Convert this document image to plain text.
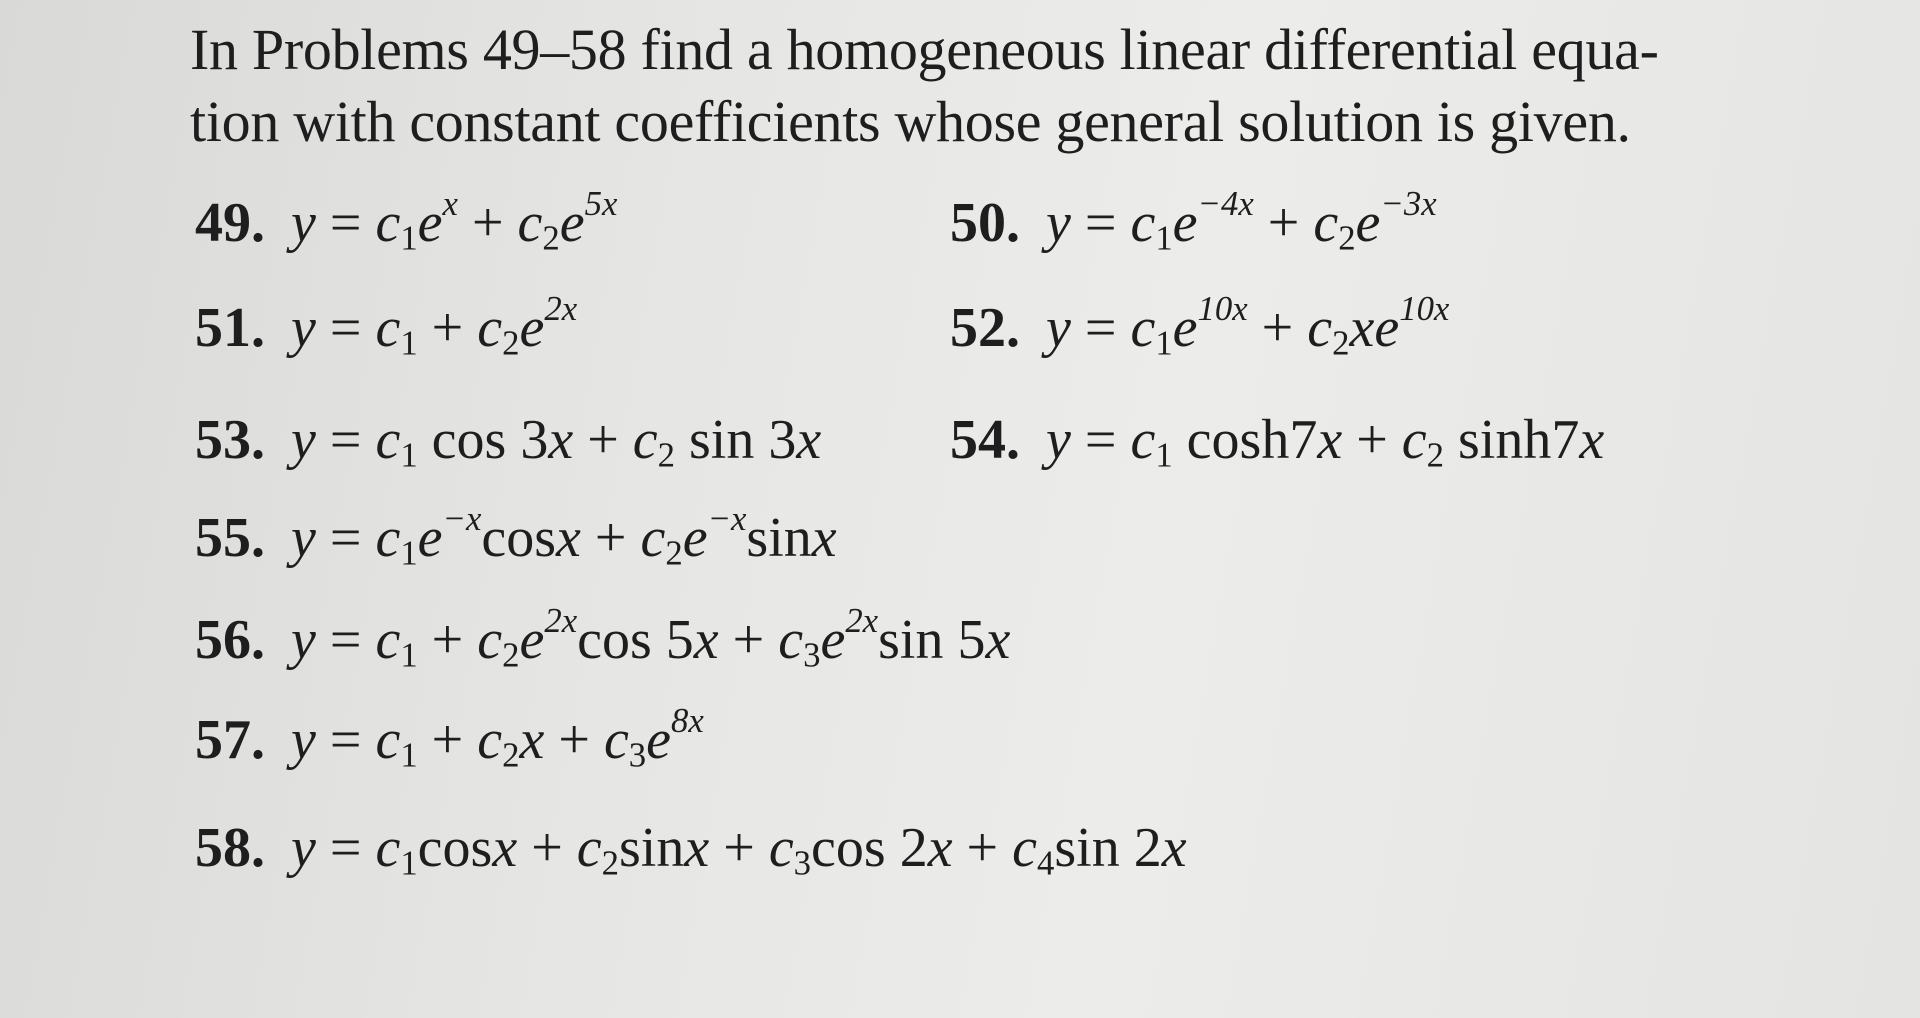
In Problems 49–58 find a homogeneous linear differential equa-
tion with constant coefficients whose general solution is given.

49. $y = c_1e^x + c_2e^{5x}$	50. $y = c_1e^{-4x} + c_2e^{-3x}$
51. $y = c_1 + c_2e^{2x}$	52. $y = c_1e^{10x} + c_2xe^{10x}$
53. $y = c_1$ $\cos 3x + c_2$ sin 3x 54. $y = c_1$ $\cosh 7x + c_2$ sinh7x
55. $y = c_1e^{-x}\cos x + c_2e^{-x}\sin x$
56. $y = c_1 + c_2e^{2x}\cos$ $5x + c_3e^{2x}\sin$ 5x
57. $y = c_1 + c_2x + c_3e^{8x}$
58. $y = c_1\cos x + c_2\sin x + c_3\cos$ $2x + c_4\sin$ 2x
